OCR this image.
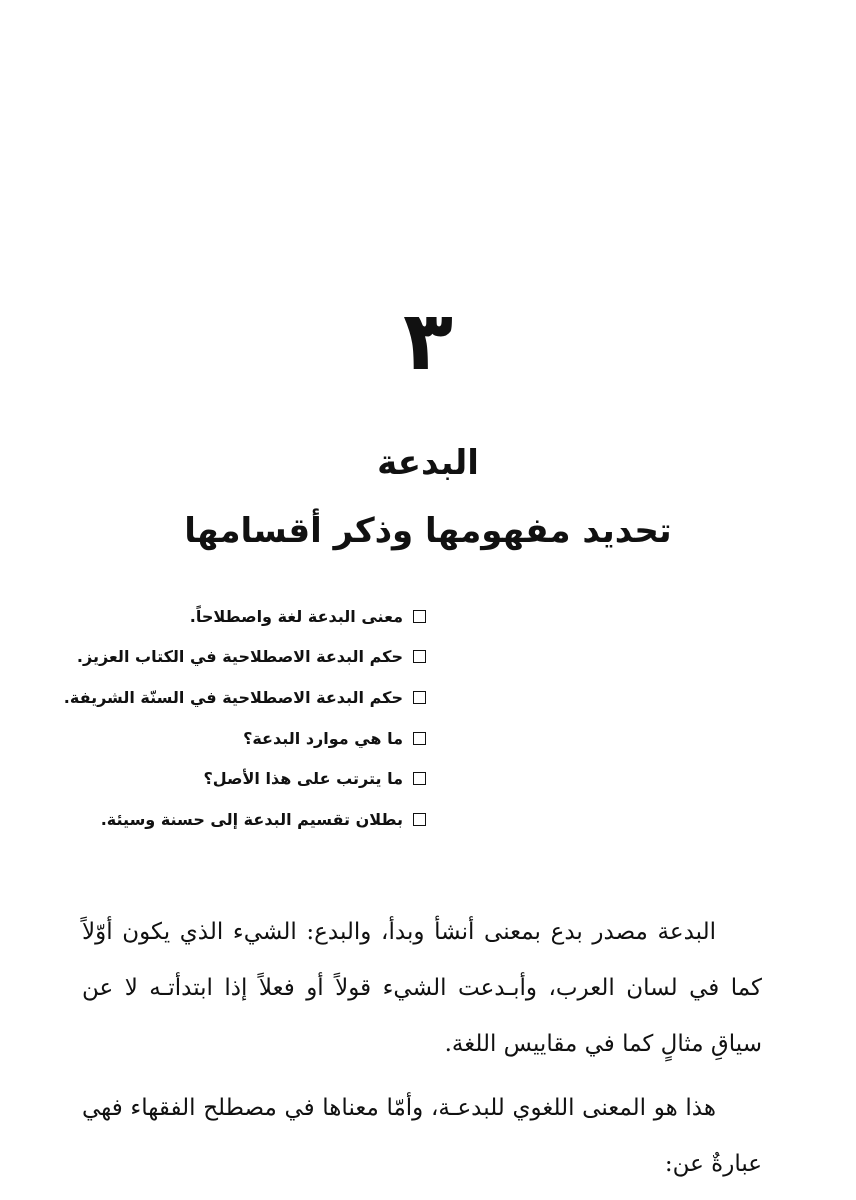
٣
البدعة
تحديد مفهومها وذكر أقسامها
معنى البدعة لغة واصطلاحاً.
حكم البدعة الاصطلاحية في الكتاب العزيز.
حكم البدعة الاصطلاحية في السنّة الشريفة.
ما هي موارد البدعة؟
ما يترتب على هذا الأصل؟
بطلان تقسيم البدعة إلى حسنة وسيئة.

البدعة مصدر بدع بمعنى أنشأ وبدأ، والبدع: الشيء الذي يكون أوّلاً كما في لسان العرب، وأبـدعت الشيء قولاً أو فعلاً إذا ابتدأتـه لا عن سياقِ مثالٍ كما في مقاييس اللغة.

هذا هو المعنى اللغوي للبدعـة، وأمّا معناها في مصطلح الفقهاء فهي عبارةٌ عن:
